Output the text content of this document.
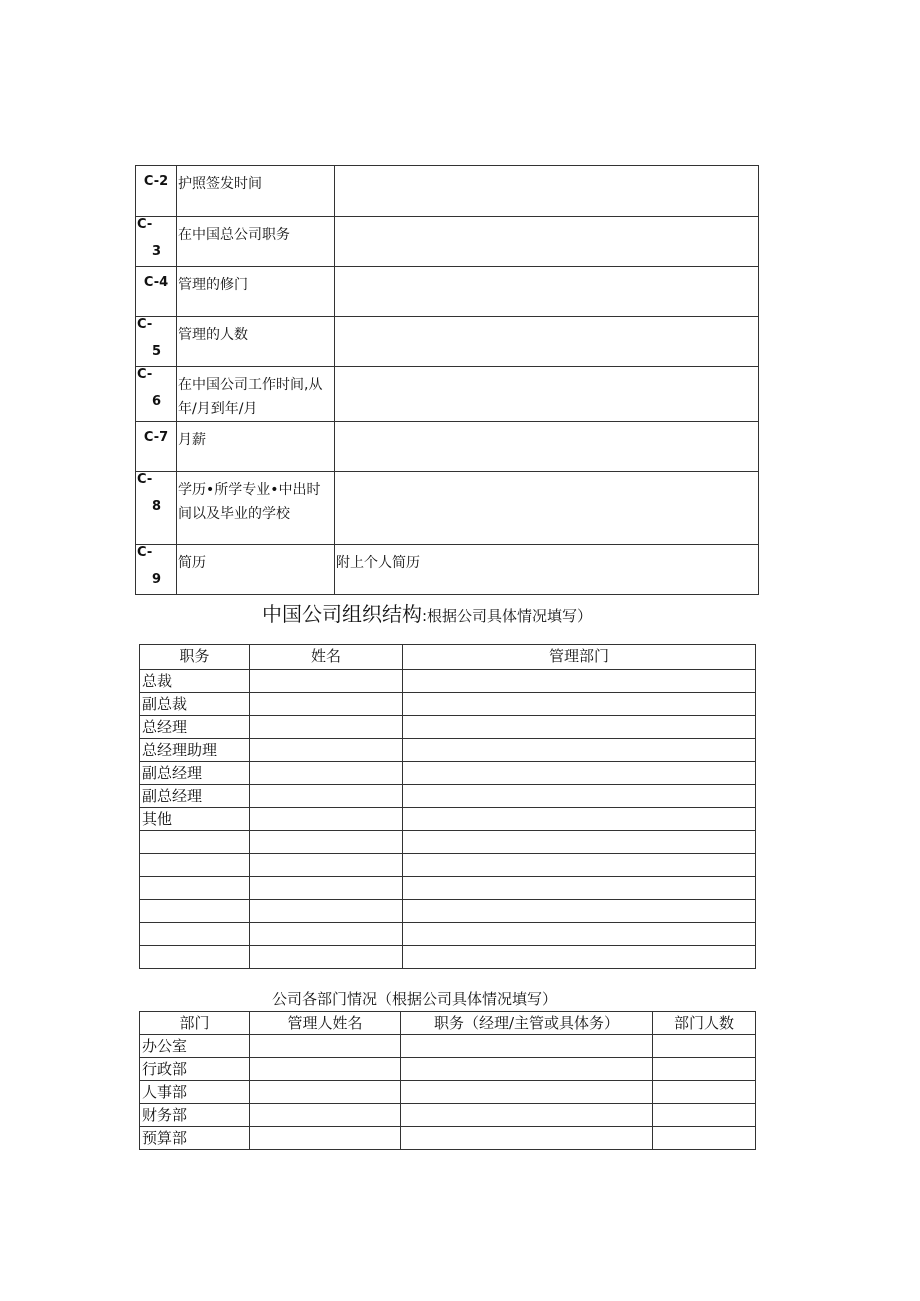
C-2	护照签发时间	

C-
3	在中国总公司职务	
C-4	管理的修门	

C-
5	管理的人数	

C-
6	在中国公司工作时间,从年/月到年/月	
C-7	月薪	

C-
8	学历•所学专业•中出时间以及毕业的学校	

C-
9	简历	附上个人简历
中国公司组织结构:根据公司具体情况填写）
职务	姓名	管理部门
总裁		
副总裁		
总经理		
总经理助理		
副总经理		
副总经理		
其他		

公司各部门情况（根据公司具体情况填写）
部门	管理人姓名	职务（经理/主管或具体务）	部门人数
办公室			
行政部			
人事部			
财务部			
预算部			
